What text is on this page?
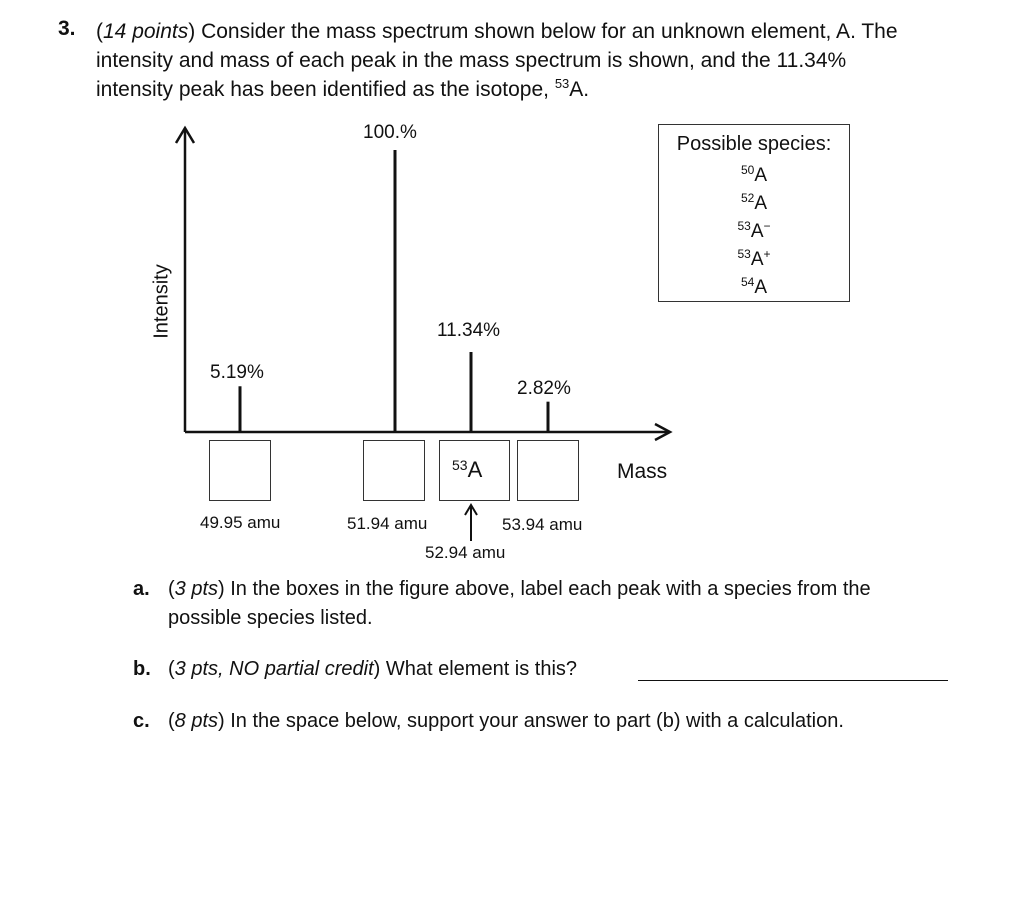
3. (14 points) Consider the mass spectrum shown below for an unknown element, A. The
intensity and mass of each peak in the mass spectrum is shown, and the 11.34%
intensity peak has been identified as the isotope, $^{53}$A.
100.%
11.34%
5.19%
2.82%
Intensity
Mass
$^{53}$A
49.95 amu	51.94 amu	53.94 amu
52.94 amu
Possible species:
$^{50}$A
$^{52}$A
$^{53}$A−
$^{53}$A+
$^{54}$A
a. (3 pts) In the boxes in the figure above, label each peak with a species from the
possible species listed.
b. (3 pts, NO partial credit) What element is this?
c. (8 pts) In the space below, support your answer to part (b) with a calculation.
